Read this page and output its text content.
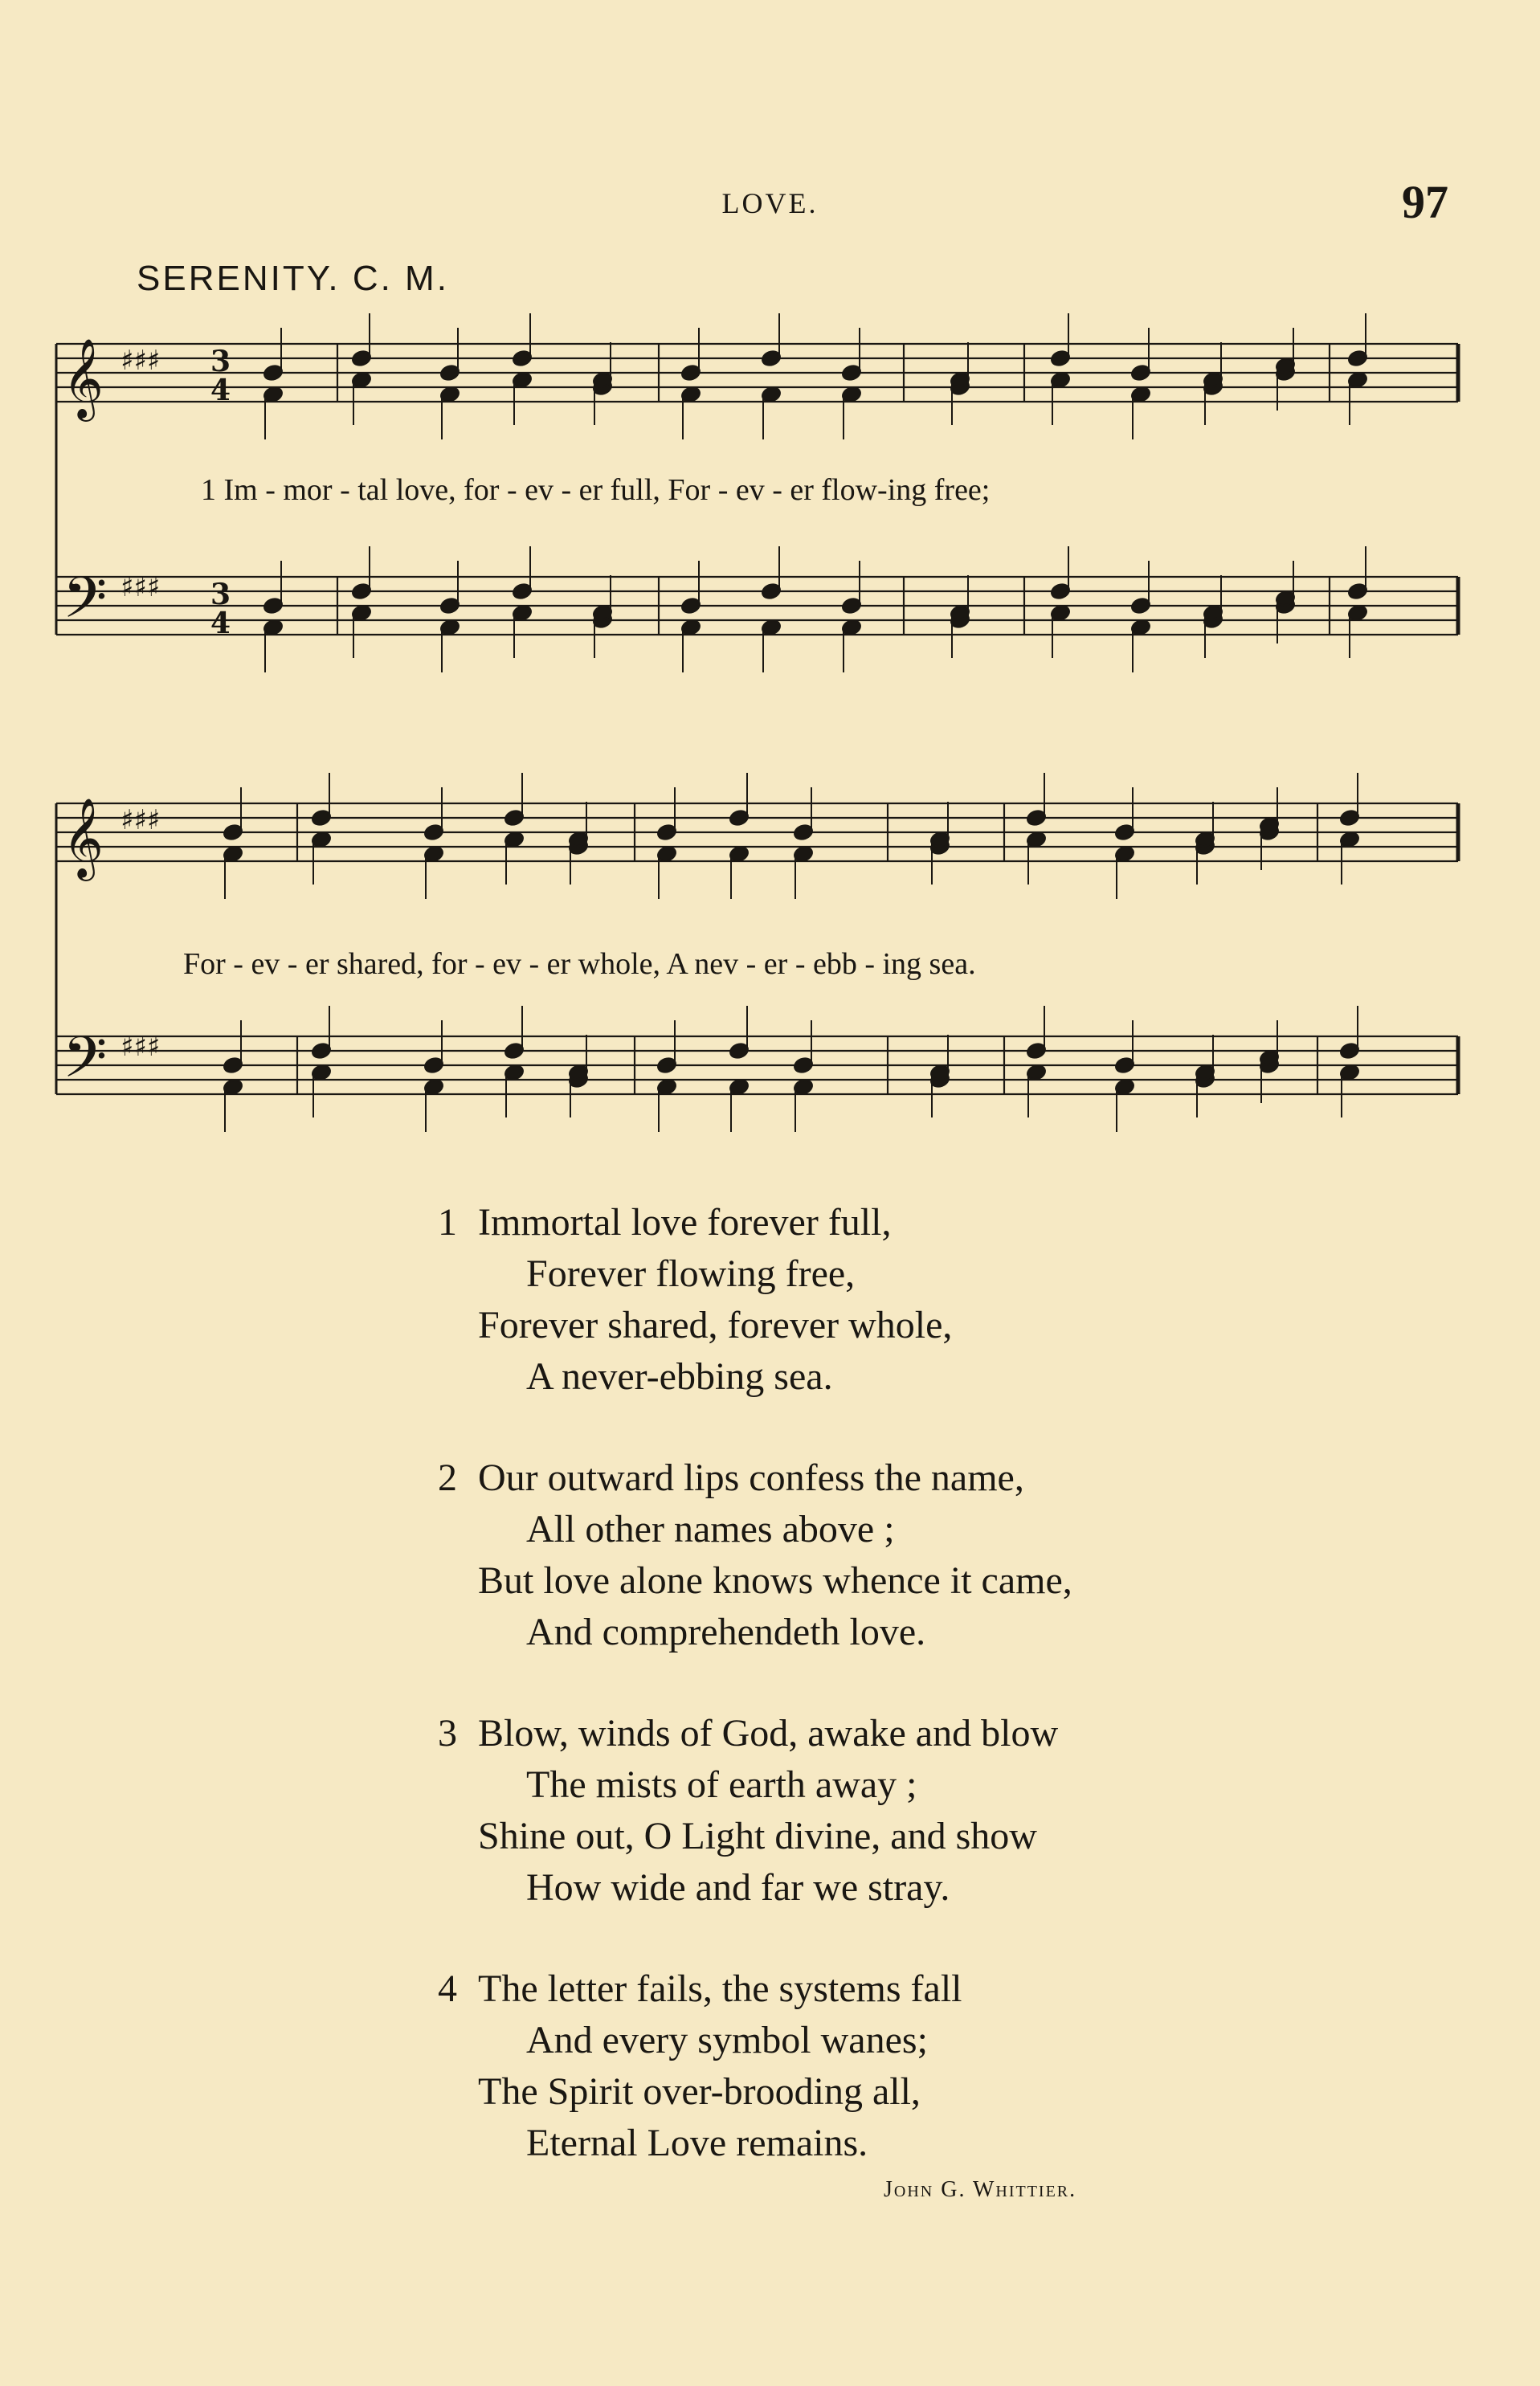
LOVE.	97
SERENITY. C. M.
𝄞 ♯♯♯
𝄢 ♯♯♯
𝄞 ♯♯♯
𝄢 ♯♯♯
3
4
3
4
1 Im - mor - tal love, for - ev - er full, For - ev - er flow-ing free;
For - ev - er shared, for - ev - er whole, A nev - er - ebb - ing sea.
1 Immortal love forever full,
Forever flowing free,
Forever shared, forever whole,
A never-ebbing sea.
2 Our outward lips confess the name,
All other names above ;
But love alone knows whence it came,
And comprehendeth love.
3 Blow, winds of God, awake and blow
The mists of earth away ;
Shine out, O Light divine, and show
How wide and far we stray.
4 The letter fails, the systems fall
And every symbol wanes;
The Spirit over-brooding all,
Eternal Love remains.
John G. Whittier.
